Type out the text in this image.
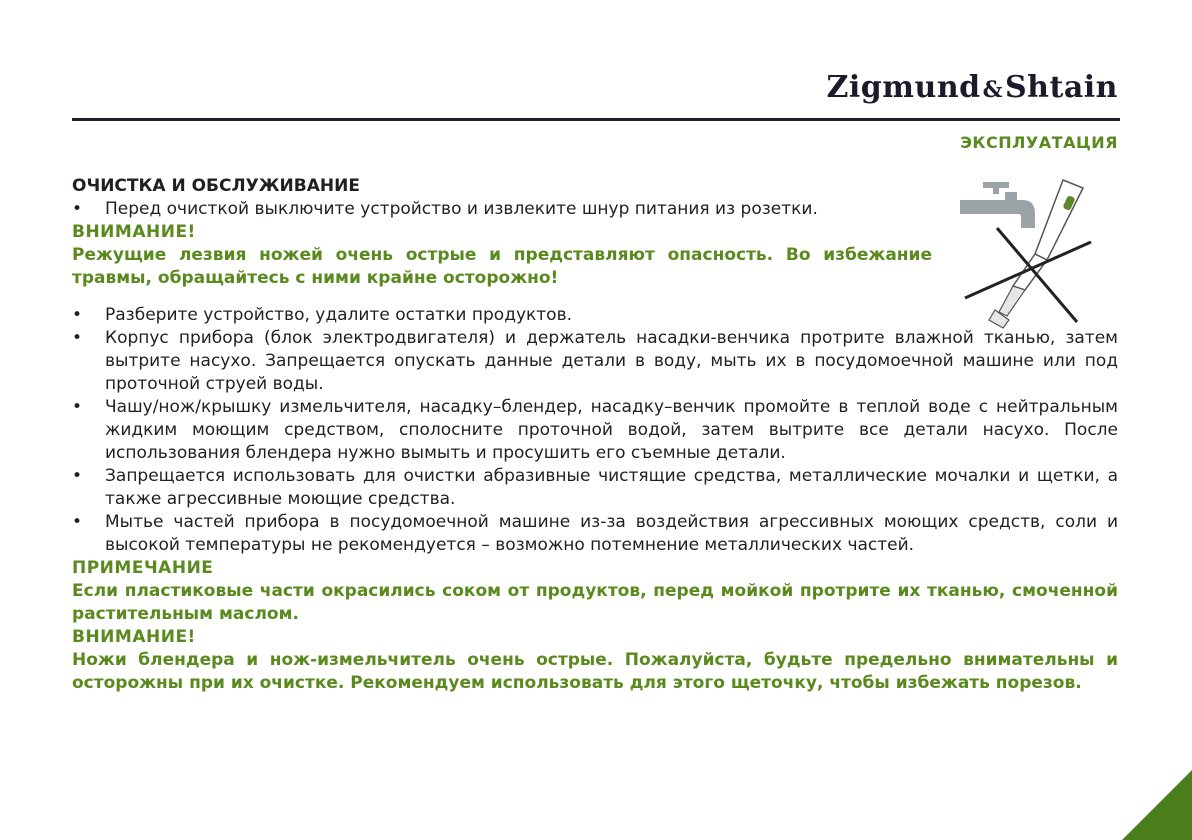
Zigmund&Shtain
ЭКСПЛУАТАЦИЯ

ОЧИСТКА И ОБСЛУЖИВАНИЕ

•	Перед очисткой выключите устройство и извлеките шнур питания из розетки.

ВНИМАНИЕ!

Режущие лезвия ножей очень острые и представляют опасность. Во избежание травмы, обращайтесь с ними крайне осторожно!

•	Разберите устройство, удалите остатки продуктов.
•	Корпус прибора (блок электродвигателя) и держатель насадки-венчика протрите влажной тканью, затем вытрите насухо. Запрещается опускать данные детали в воду, мыть их в посудомоечной машине или под проточной струей воды.
•	Чашу/нож/крышку измельчителя, насадку–блендер, насадку–венчик промойте в теплой воде с нейтральным жидким моющим средством, сполосните проточной водой, затем вытрите все детали насухо. После использования блендера нужно вымыть и просушить его съемные детали.
•	Запрещается использовать для очистки абразивные чистящие средства, металлические мочалки и щетки, а также агрессивные моющие средства.
•	Мытье частей прибора в посудомоечной машине из-за воздействия агрессивных моющих средств, соли и высокой температуры не рекомендуется – возможно потемнение металлических частей.

ПРИМЕЧАНИЕ

Если пластиковые части окрасились соком от продуктов, перед мойкой протрите их тканью, смоченной растительным маслом.

ВНИМАНИЕ!

Ножи блендера и нож-измельчитель очень острые. Пожалуйста, будьте предельно внимательны и осторожны при их очистке. Рекомендуем использовать для этого щеточку, чтобы избежать порезов.
